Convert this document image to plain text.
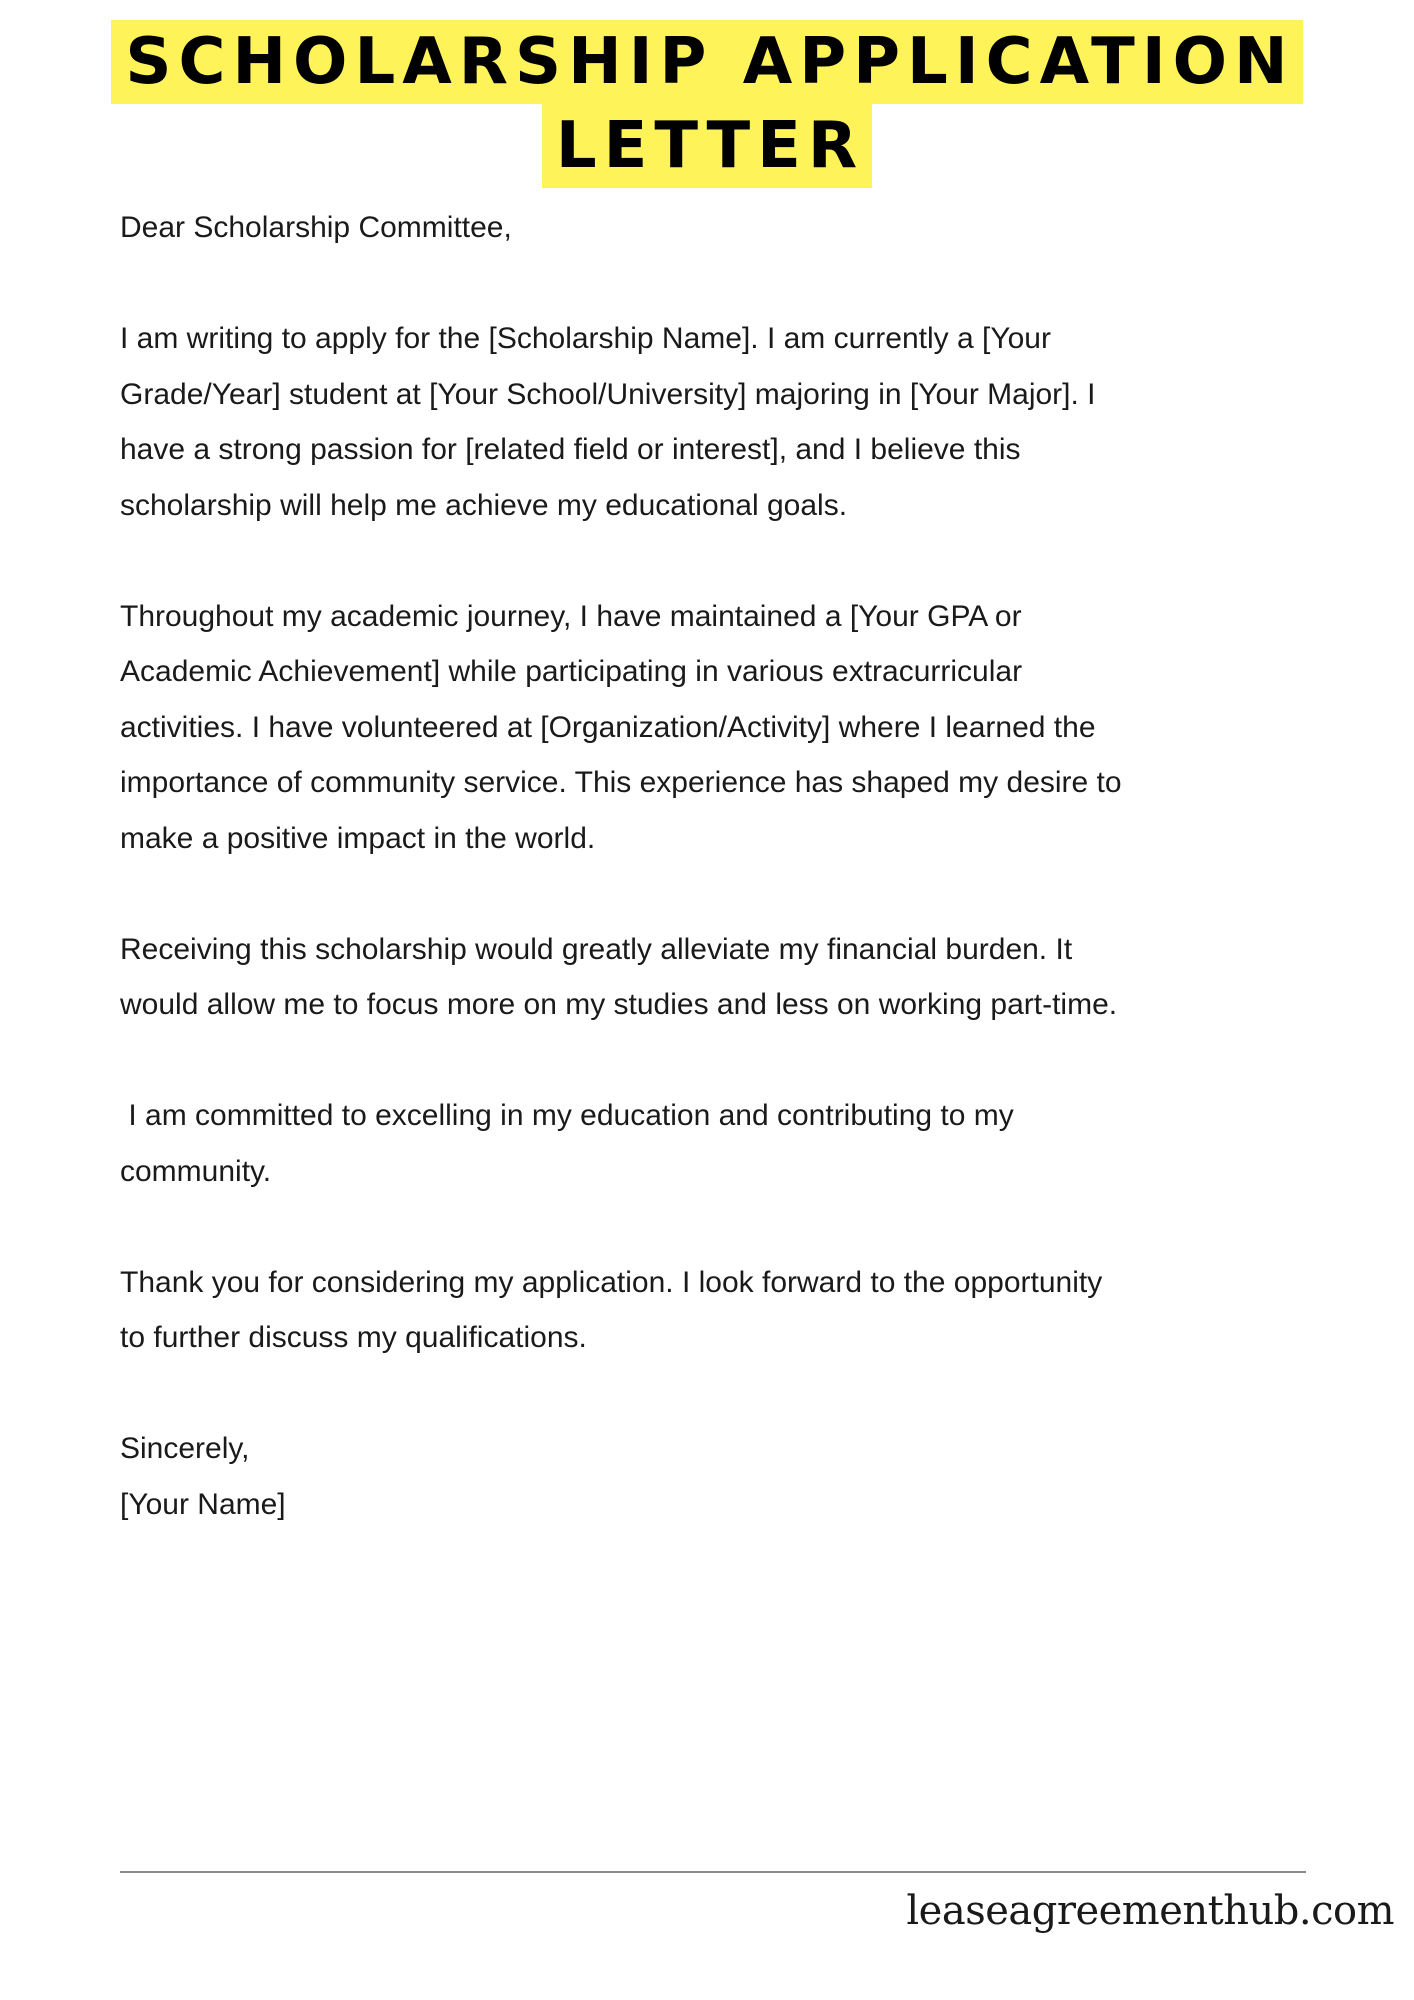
SCHOLARSHIP APPLICATION
LETTER

Dear Scholarship Committee,

I am writing to apply for the [Scholarship Name]. I am currently a [Your
Grade/Year] student at [Your School/University] majoring in [Your Major]. I
have a strong passion for [related field or interest], and I believe this
scholarship will help me achieve my educational goals.

Throughout my academic journey, I have maintained a [Your GPA or
Academic Achievement] while participating in various extracurricular
activities. I have volunteered at [Organization/Activity] where I learned the
importance of community service. This experience has shaped my desire to
make a positive impact in the world.

Receiving this scholarship would greatly alleviate my financial burden. It
would allow me to focus more on my studies and less on working part-time.

I am committed to excelling in my education and contributing to my
community.

Thank you for considering my application. I look forward to the opportunity
to further discuss my qualifications.

Sincerely,

[Your Name]

leaseagreementhub.com
